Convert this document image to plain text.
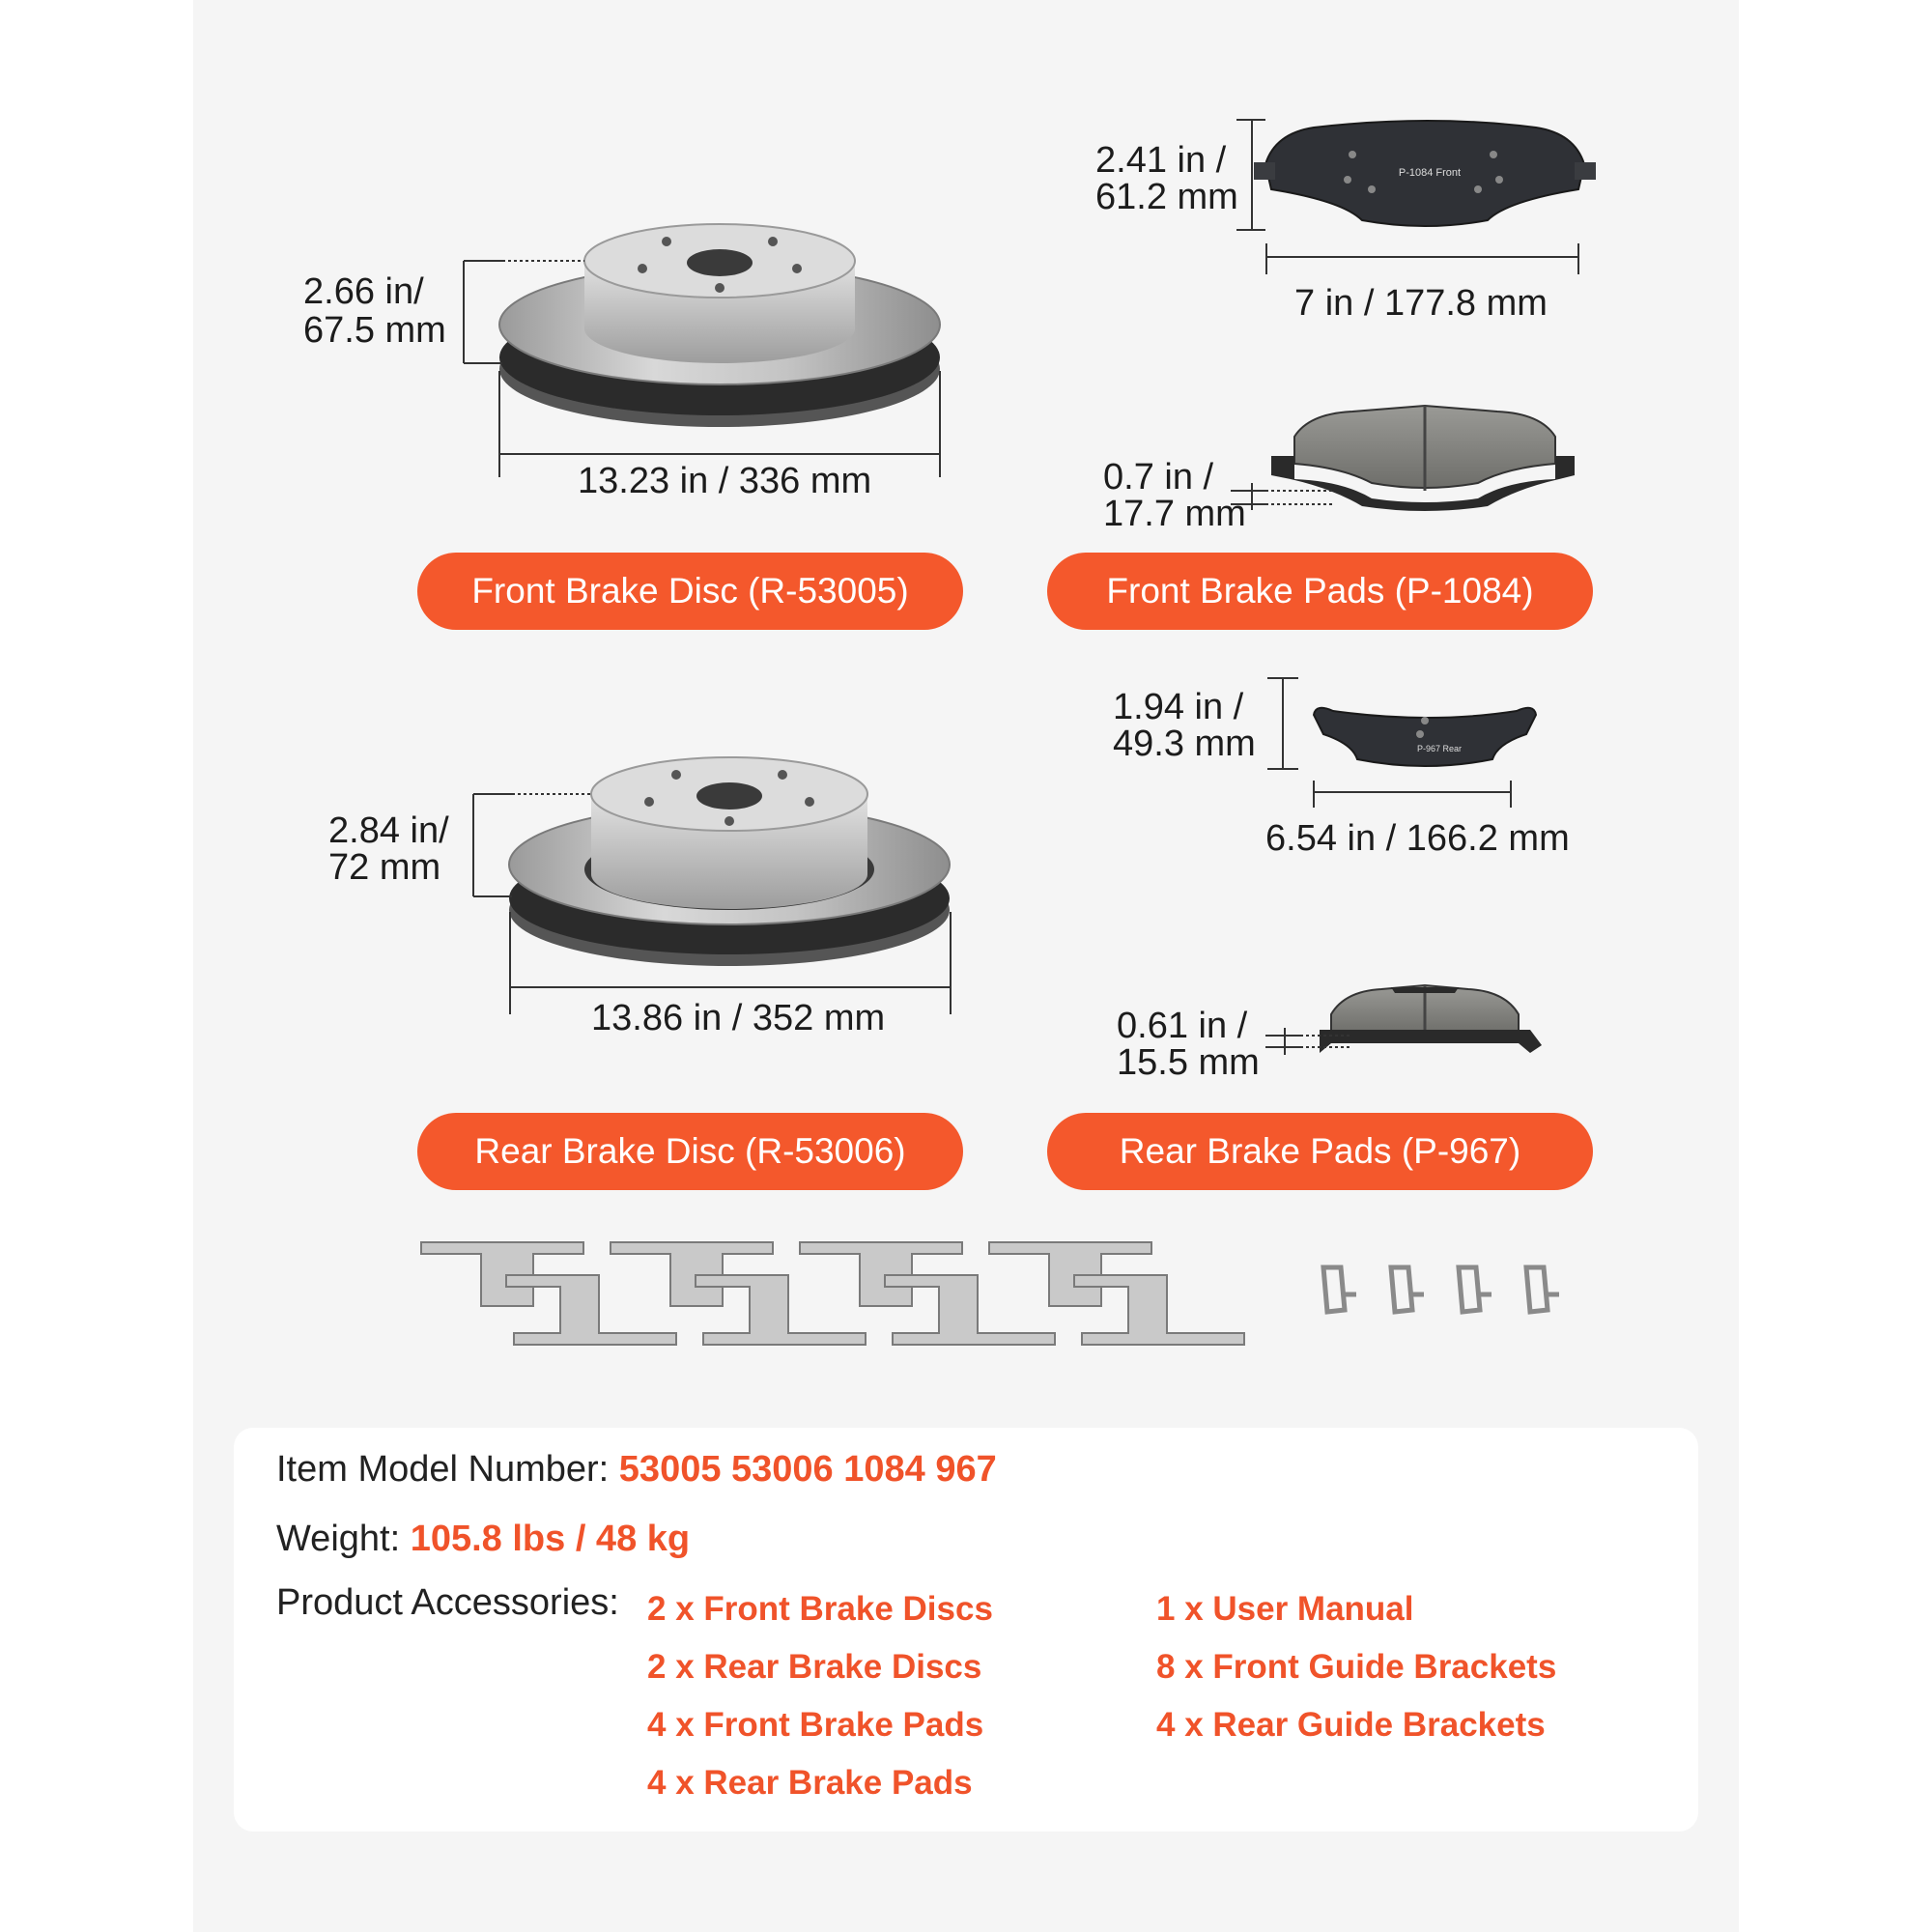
P-1084 Front
P-967 Rear
2.66 in/
67.5 mm
13.23 in / 336 mm
2.41 in /
61.2 mm
7 in / 177.8 mm
0.7 in /
17.7 mm
Front Brake Disc (R-53005)	Front Brake Pads (P-1084)
2.84 in/
72 mm
13.86 in / 352 mm
1.94 in /
49.3 mm
6.54 in / 166.2 mm
0.61 in /
15.5 mm
Rear Brake Disc (R-53006)	Rear Brake Pads (P-967)
Item Model Number: 53005 53006 1084 967
Weight: 105.8 lbs / 48 kg
Product Accessories: 2 x Front Brake Discs
2 x Rear Brake Discs
4 x Front Brake Pads
4 x Rear Brake Pads
1 x User Manual
8 x Front Guide Brackets
4 x Rear Guide Brackets
